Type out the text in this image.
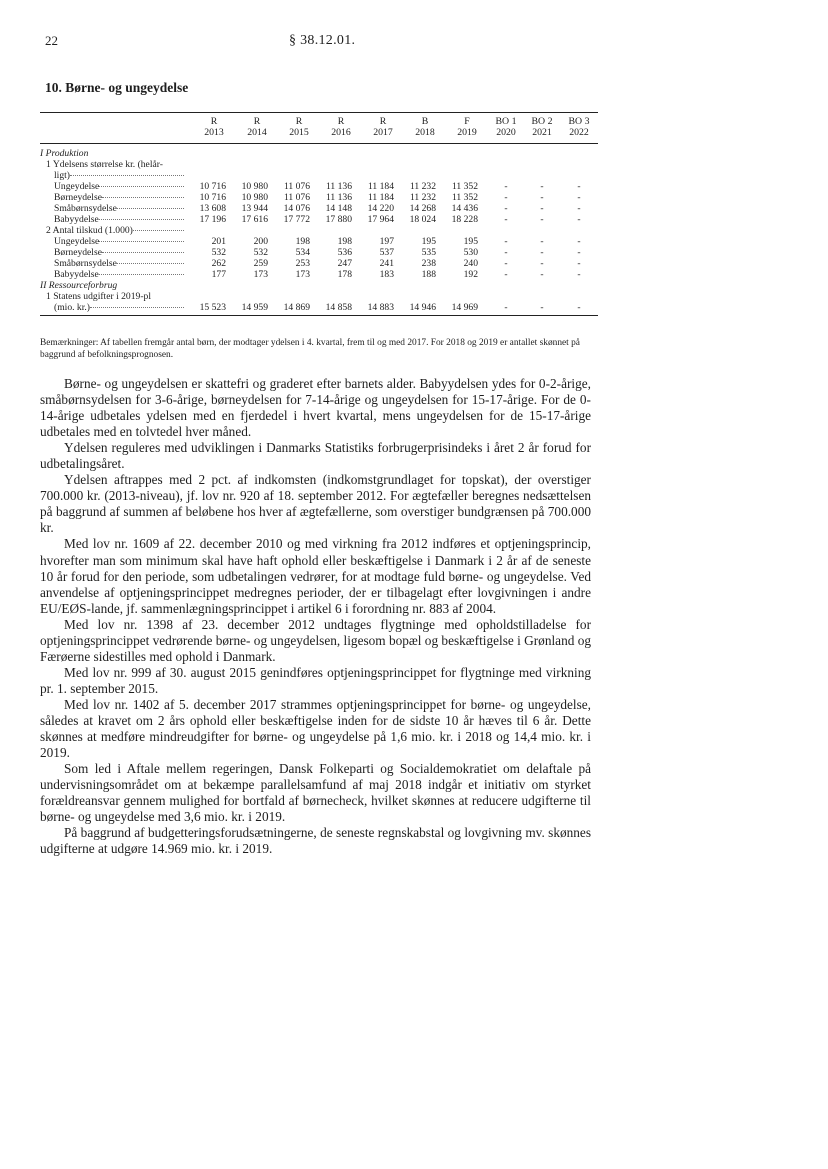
22	§ 38.12.01.
10. Børne- og ungeydelse
	R	R	R	R	R	B	F	BO 1	BO 2	BO 3
	2013	2014	2015	2016	2017	2018	2019	2020	2021	2022
I Produktion										
1 Ydelsens størrelse kr. (helår-										
ligt)										
Ungeydelse	10 716	10 980	11 076	11 136	11 184	11 232	11 352	-	-	-
Børneydelse	10 716	10 980	11 076	11 136	11 184	11 232	11 352	-	-	-
Småbørnsydelse	13 608	13 944	14 076	14 148	14 220	14 268	14 436	-	-	-
Babyydelse	17 196	17 616	17 772	17 880	17 964	18 024	18 228	-	-	-
2 Antal tilskud (1.000)										
Ungeydelse	201	200	198	198	197	195	195	-	-	-
Børneydelse	532	532	534	536	537	535	530	-	-	-
Småbørnsydelse	262	259	253	247	241	238	240	-	-	-
Babyydelse	177	173	173	178	183	188	192	-	-	-
II Ressourceforbrug										
1 Statens udgifter i 2019-pl										
(mio. kr.)	15 523	14 959	14 869	14 858	14 883	14 946	14 969	-	-	-
Bemærkninger: Af tabellen fremgår antal børn, der modtager ydelsen i 4. kvartal, frem til og med 2017. For 2018 og 2019 er antallet skønnet på baggrund af befolkningsprognosen.

Børne- og ungeydelsen er skattefri og graderet efter barnets alder. Babyydelsen ydes for 0-2-årige, småbørnsydelsen for 3-6-årige, børneydelsen for 7-14-årige og ungeydelsen for 15-17-årige. For de 0-14-årige udbetales ydelsen med en fjerdedel i hvert kvartal, mens ungeydelsen for de 15-17-årige udbetales med en tolvtedel hver måned.

Ydelsen reguleres med udviklingen i Danmarks Statistiks forbrugerprisindeks i året 2 år forud for udbetalingsåret.

Ydelsen aftrappes med 2 pct. af indkomsten (indkomstgrundlaget for topskat), der overstiger 700.000 kr. (2013-niveau), jf. lov nr. 920 af 18. september 2012. For ægtefæller beregnes nedsættelsen på baggrund af summen af beløbene hos hver af ægtefællerne, som overstiger bundgrænsen på 700.000 kr.

Med lov nr. 1609 af 22. december 2010 og med virkning fra 2012 indføres et optjeningsprincip, hvorefter man som minimum skal have haft ophold eller beskæftigelse i Danmark i 2 år af de seneste 10 år forud for den periode, som udbetalingen vedrører, for at modtage fuld børne- og ungeydelse. Ved anvendelse af optjeningsprincippet medregnes perioder, der er tilbagelagt efter lovgivningen i andre EU/EØS-lande, jf. sammenlægningsprincippet i artikel 6 i forordning nr. 883 af 2004.

Med lov nr. 1398 af 23. december 2012 undtages flygtninge med opholdstilladelse for optjeningsprincippet vedrørende børne- og ungeydelsen, ligesom bopæl og beskæftigelse i Grønland og Færøerne sidestilles med ophold i Danmark.

Med lov nr. 999 af 30. august 2015 genindføres optjeningsprincippet for flygtninge med virkning pr. 1. september 2015.

Med lov nr. 1402 af 5. december 2017 strammes optjeningsprincippet for børne- og ungeydelse, således at kravet om 2 års ophold eller beskæftigelse inden for de sidste 10 år hæves til 6 år. Dette skønnes at medføre mindreudgifter for børne- og ungeydelse på 1,6 mio. kr. i 2018 og 14,4 mio. kr. i 2019.

Som led i Aftale mellem regeringen, Dansk Folkeparti og Socialdemokratiet om delaftale på undervisningsområdet om at bekæmpe parallelsamfund af maj 2018 indgår et initiativ om styrket forældreansvar gennem mulighed for bortfald af børnecheck, hvilket skønnes at reducere udgifterne til børne- og ungeydelse med 3,6 mio. kr. i 2019.

På baggrund af budgetteringsforudsætningerne, de seneste regnskabstal og lovgivning mv. skønnes udgifterne at udgøre 14.969 mio. kr. i 2019.
